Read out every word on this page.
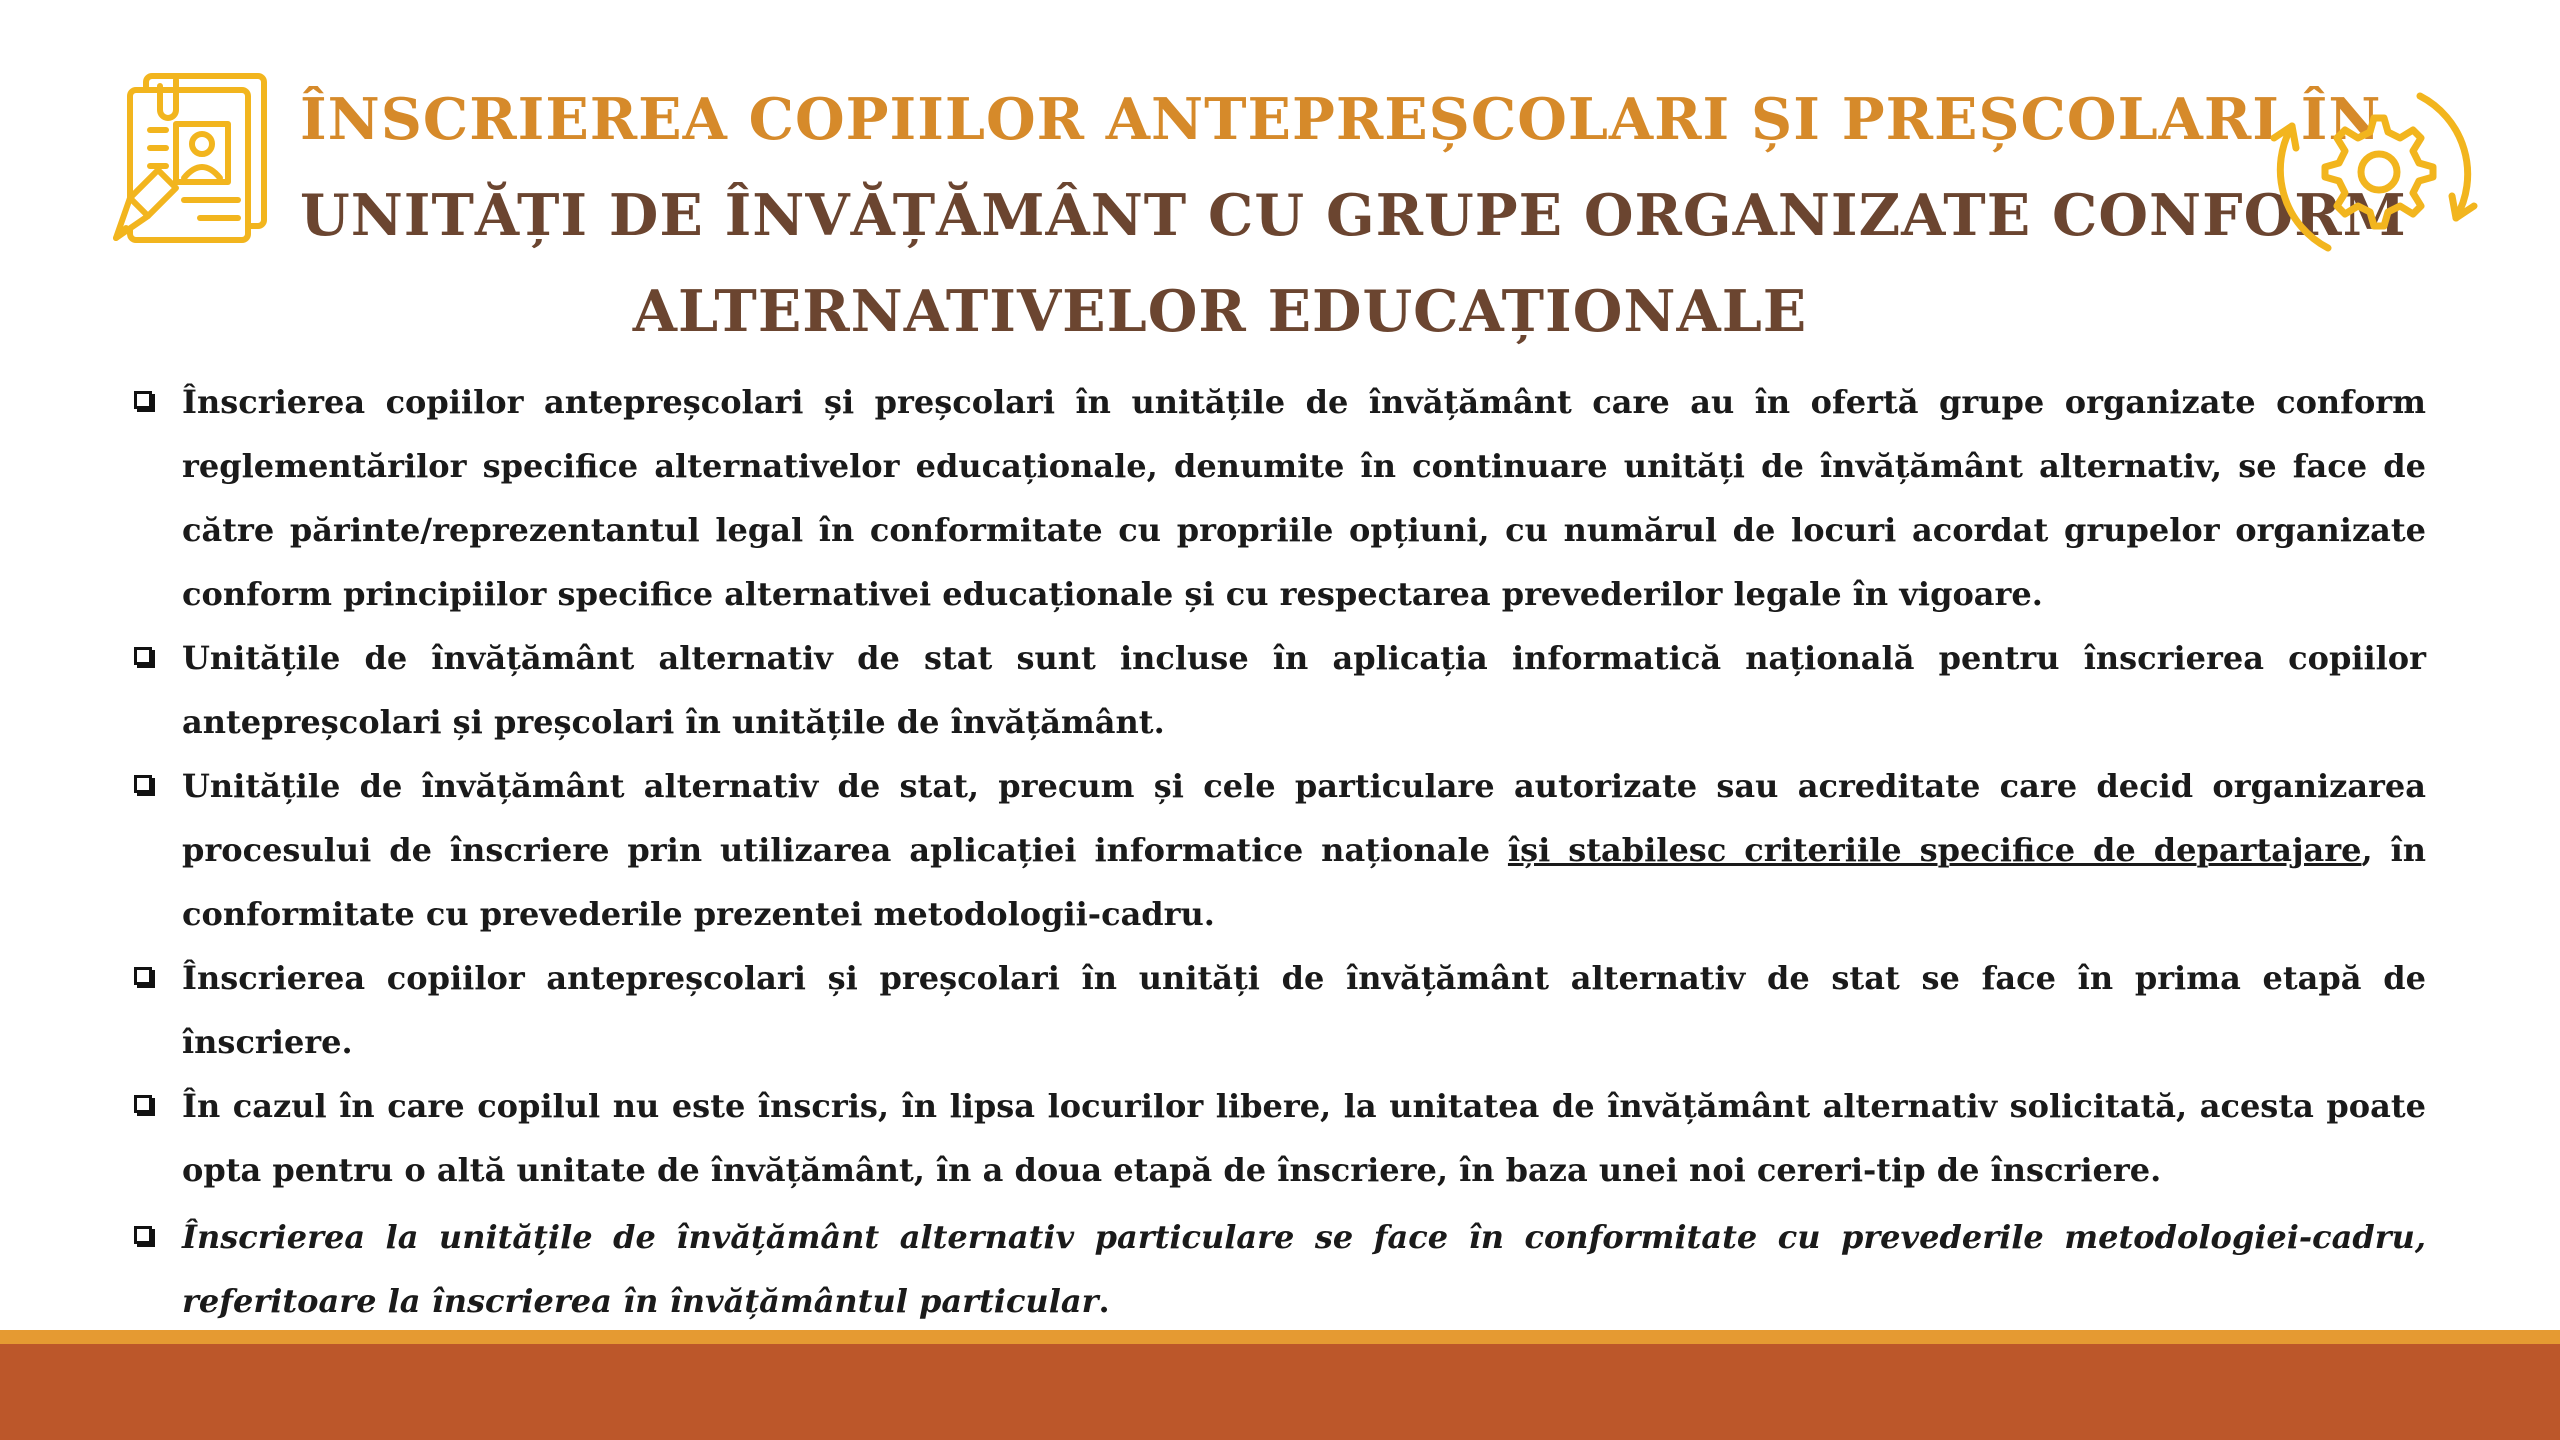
ÎNSCRIEREA COPIILOR ANTEPREȘCOLARI ȘI PREȘCOLARI ÎN
UNITĂȚI DE ÎNVĂȚĂMÂNT CU GRUPE ORGANIZATE CONFORM
ALTERNATIVELOR EDUCAȚIONALE
Înscrierea copiilor antepreșcolari și preșcolari în unitățile de învățământ care au în ofertă grupe organizate conform reglementărilor specifice alternativelor educaționale, denumite în continuare unități de învățământ alternativ, se face de către părinte/reprezentantul legal în conformitate cu propriile opțiuni, cu numărul de locuri acordat grupelor organizate conform principiilor specifice alternativei educaționale și cu respectarea prevederilor legale în vigoare.
Unitățile de învățământ alternativ de stat sunt incluse în aplicația informatică națională pentru înscrierea copiilor antepreșcolari și preșcolari în unitățile de învățământ.
Unitățile de învățământ alternativ de stat, precum și cele particulare autorizate sau acreditate care decid organizarea procesului de înscriere prin utilizarea aplicației informatice naționale își stabilesc criteriile specifice de departajare, în conformitate cu prevederile prezentei metodologii-cadru.
Înscrierea copiilor antepreșcolari și preșcolari în unități de învățământ alternativ de stat se face în prima etapă de înscriere.
În cazul în care copilul nu este înscris, în lipsa locurilor libere, la unitatea de învățământ alternativ solicitată, acesta poate opta pentru o altă unitate de învățământ, în a doua etapă de înscriere, în baza unei noi cereri-tip de înscriere.
Înscrierea la unitățile de învățământ alternativ particulare se face în conformitate cu prevederile metodologiei-cadru, referitoare la înscrierea în învățământul particular.
